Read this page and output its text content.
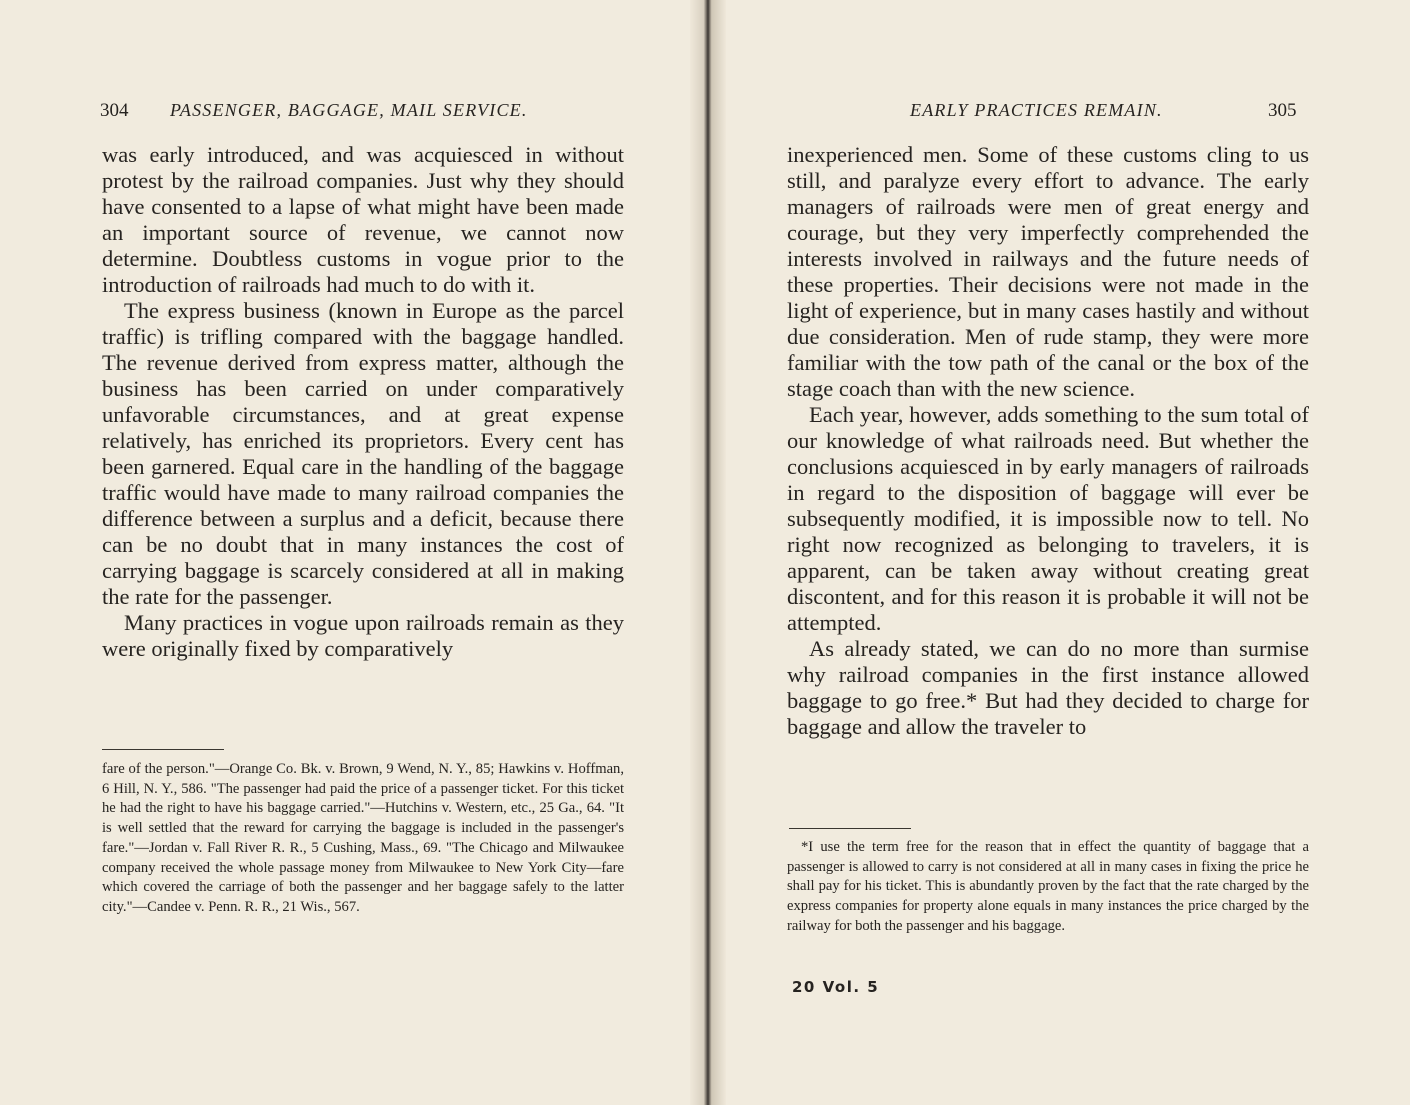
304 PASSENGER, BAGGAGE, MAIL SERVICE.

was early introduced, and was acquiesced in without protest by the railroad companies. Just why they should have consented to a lapse of what might have been made an important source of revenue, we cannot now determine. Doubtless customs in vogue prior to the introduction of railroads had much to do with it.

The express business (known in Europe as the parcel traffic) is trifling compared with the baggage handled. The revenue derived from express matter, although the business has been carried on under comparatively unfavorable circumstances, and at great expense relatively, has enriched its proprietors. Every cent has been garnered. Equal care in the handling of the baggage traffic would have made to many railroad companies the difference between a surplus and a deficit, because there can be no doubt that in many instances the cost of carrying baggage is scarcely considered at all in making the rate for the passenger.

Many practices in vogue upon railroads remain as they were originally fixed by comparatively

fare of the person."—Orange Co. Bk. v. Brown, 9 Wend, N. Y., 85; Hawkins v. Hoffman, 6 Hill, N. Y., 586. "The passenger had paid the price of a passenger ticket. For this ticket he had the right to have his baggage carried."—Hutchins v. Western, etc., 25 Ga., 64. "It is well settled that the reward for carrying the baggage is included in the passenger's fare."—Jordan v. Fall River R. R., 5 Cushing, Mass., 69. "The Chicago and Milwaukee company received the whole passage money from Milwaukee to New York City—fare which covered the carriage of both the passenger and her baggage safely to the latter city."—Candee v. Penn. R. R., 21 Wis., 567.

EARLY PRACTICES REMAIN.	305

inexperienced men. Some of these customs cling to us still, and paralyze every effort to advance. The early managers of railroads were men of great energy and courage, but they very imperfectly comprehended the interests involved in railways and the future needs of these properties. Their decisions were not made in the light of experience, but in many cases hastily and without due consideration. Men of rude stamp, they were more familiar with the tow path of the canal or the box of the stage coach than with the new science.

Each year, however, adds something to the sum total of our knowledge of what railroads need. But whether the conclusions acquiesced in by early managers of railroads in regard to the disposition of baggage will ever be subsequently modified, it is impossible now to tell. No right now recognized as belonging to travelers, it is apparent, can be taken away without creating great discontent, and for this reason it is probable it will not be attempted.

As already stated, we can do no more than surmise why railroad companies in the first instance allowed baggage to go free.* But had they decided to charge for baggage and allow the traveler to

*I use the term free for the reason that in effect the quantity of baggage that a passenger is allowed to carry is not considered at all in many cases in fixing the price he shall pay for his ticket. This is abundantly proven by the fact that the rate charged by the express companies for property alone equals in many instances the price charged by the railway for both the passenger and his baggage.

20 Vol. 5
